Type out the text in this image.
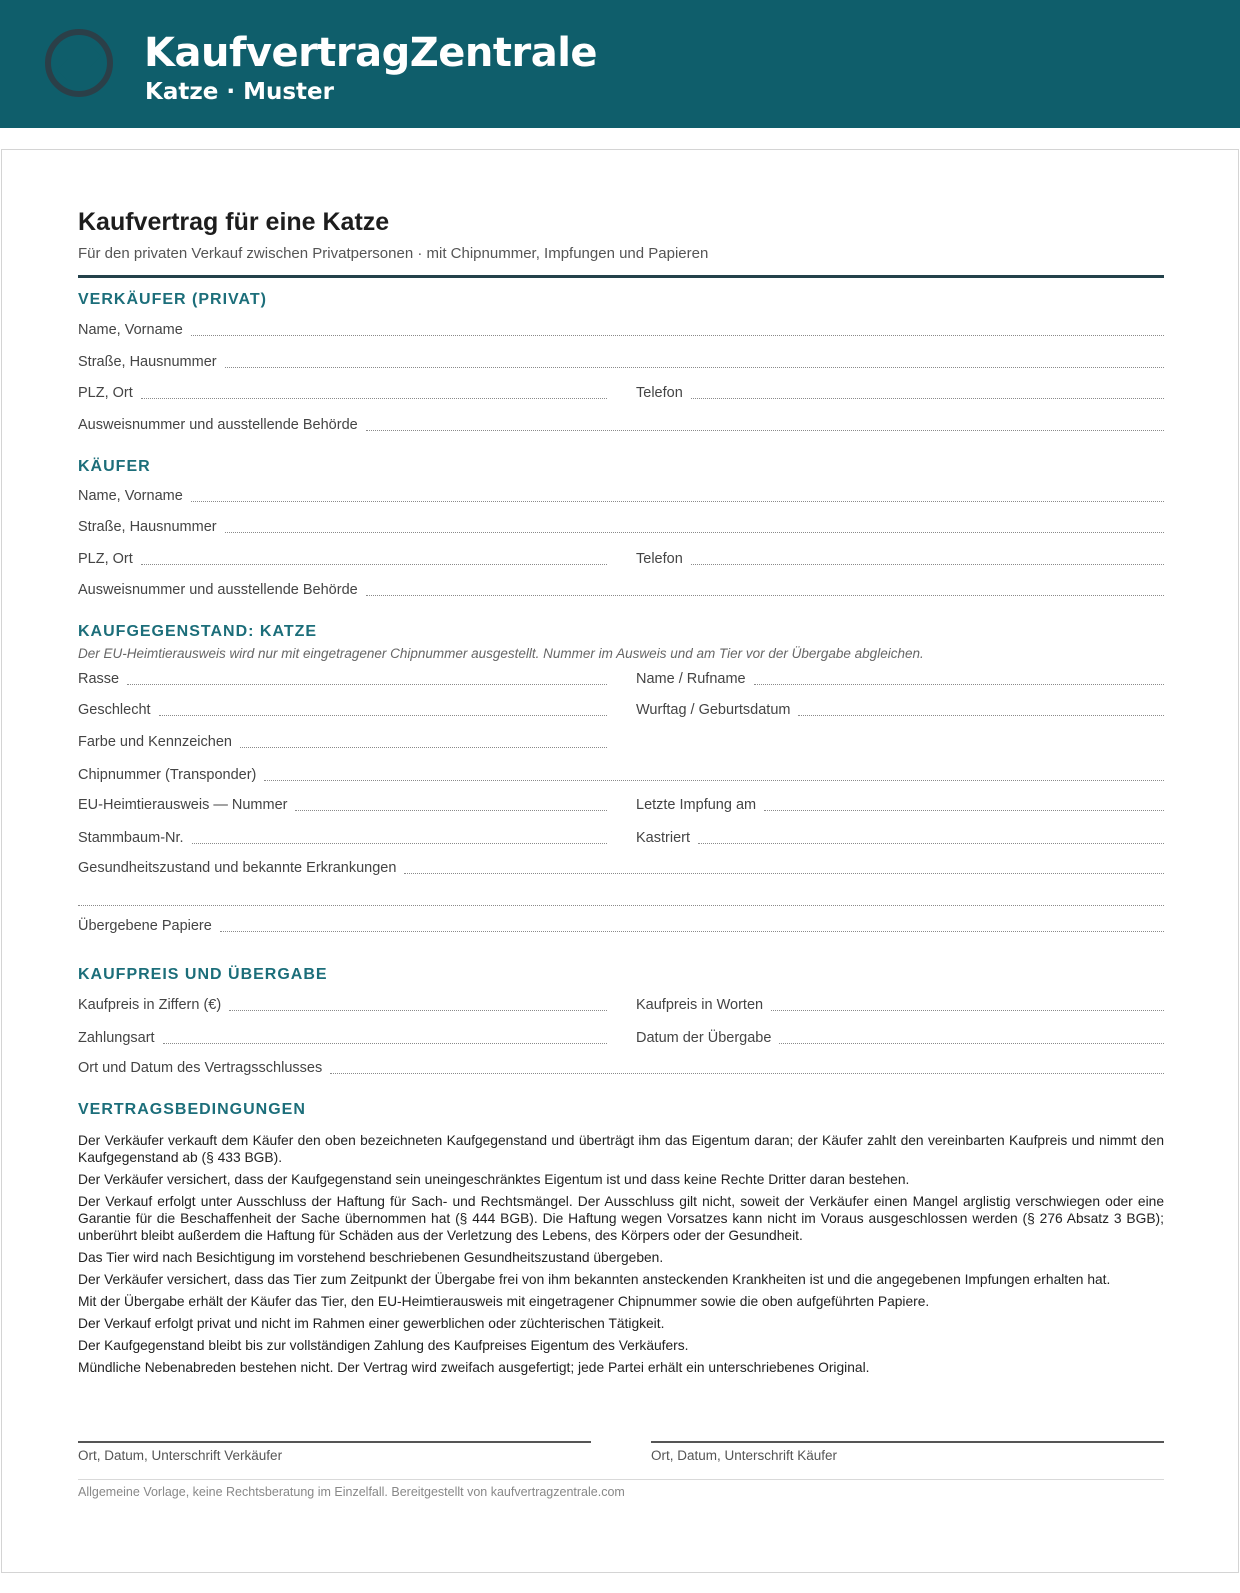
KaufvertragZentrale
Katze · Muster
Kaufvertrag für eine Katze
Für den privaten Verkauf zwischen Privatpersonen · mit Chipnummer, Impfungen und Papieren
VERKÄUFER (PRIVAT)
Name, Vorname
Straße, Hausnummer
PLZ, Ort	Telefon
Ausweisnummer und ausstellende Behörde
KÄUFER
Name, Vorname
Straße, Hausnummer
PLZ, Ort	Telefon
Ausweisnummer und ausstellende Behörde
KAUFGEGENSTAND: KATZE
Der EU-Heimtierausweis wird nur mit eingetragener Chipnummer ausgestellt. Nummer im Ausweis und am Tier vor der Übergabe abgleichen.
Rasse	Name / Rufname
Geschlecht	Wurftag / Geburtsdatum
Farbe und Kennzeichen
Chipnummer (Transponder)
EU-Heimtierausweis — Nummer	Letzte Impfung am
Stammbaum-Nr.	Kastriert
Gesundheitszustand und bekannte Erkrankungen
Übergebene Papiere
KAUFPREIS UND ÜBERGABE
Kaufpreis in Ziffern (€)	Kaufpreis in Worten
Zahlungsart	Datum der Übergabe
Ort und Datum des Vertragsschlusses
VERTRAGSBEDINGUNGEN

Der Verkäufer verkauft dem Käufer den oben bezeichneten Kaufgegenstand und überträgt ihm das Eigentum daran; der Käufer zahlt den vereinbarten Kaufpreis und nimmt den Kaufgegenstand ab (§ 433 BGB).

Der Verkäufer versichert, dass der Kaufgegenstand sein uneingeschränktes Eigentum ist und dass keine Rechte Dritter daran bestehen.

Der Verkauf erfolgt unter Ausschluss der Haftung für Sach- und Rechtsmängel. Der Ausschluss gilt nicht, soweit der Verkäufer einen Mangel arglistig verschwiegen oder eine Garantie für die Beschaffenheit der Sache übernommen hat (§ 444 BGB). Die Haftung wegen Vorsatzes kann nicht im Voraus ausgeschlossen werden (§ 276 Absatz 3 BGB); unberührt bleibt außerdem die Haftung für Schäden aus der Verletzung des Lebens, des Körpers oder der Gesundheit.

Das Tier wird nach Besichtigung im vorstehend beschriebenen Gesundheitszustand übergeben.

Der Verkäufer versichert, dass das Tier zum Zeitpunkt der Übergabe frei von ihm bekannten ansteckenden Krankheiten ist und die angegebenen Impfungen erhalten hat.

Mit der Übergabe erhält der Käufer das Tier, den EU-Heimtierausweis mit eingetragener Chipnummer sowie die oben aufgeführten Papiere.

Der Verkauf erfolgt privat und nicht im Rahmen einer gewerblichen oder züchterischen Tätigkeit.

Der Kaufgegenstand bleibt bis zur vollständigen Zahlung des Kaufpreises Eigentum des Verkäufers.

Mündliche Nebenabreden bestehen nicht. Der Vertrag wird zweifach ausgefertigt; jede Partei erhält ein unterschriebenes Original.

Ort, Datum, Unterschrift Verkäufer	Ort, Datum, Unterschrift Käufer
Allgemeine Vorlage, keine Rechtsberatung im Einzelfall. Bereitgestellt von kaufvertragzentrale.com
